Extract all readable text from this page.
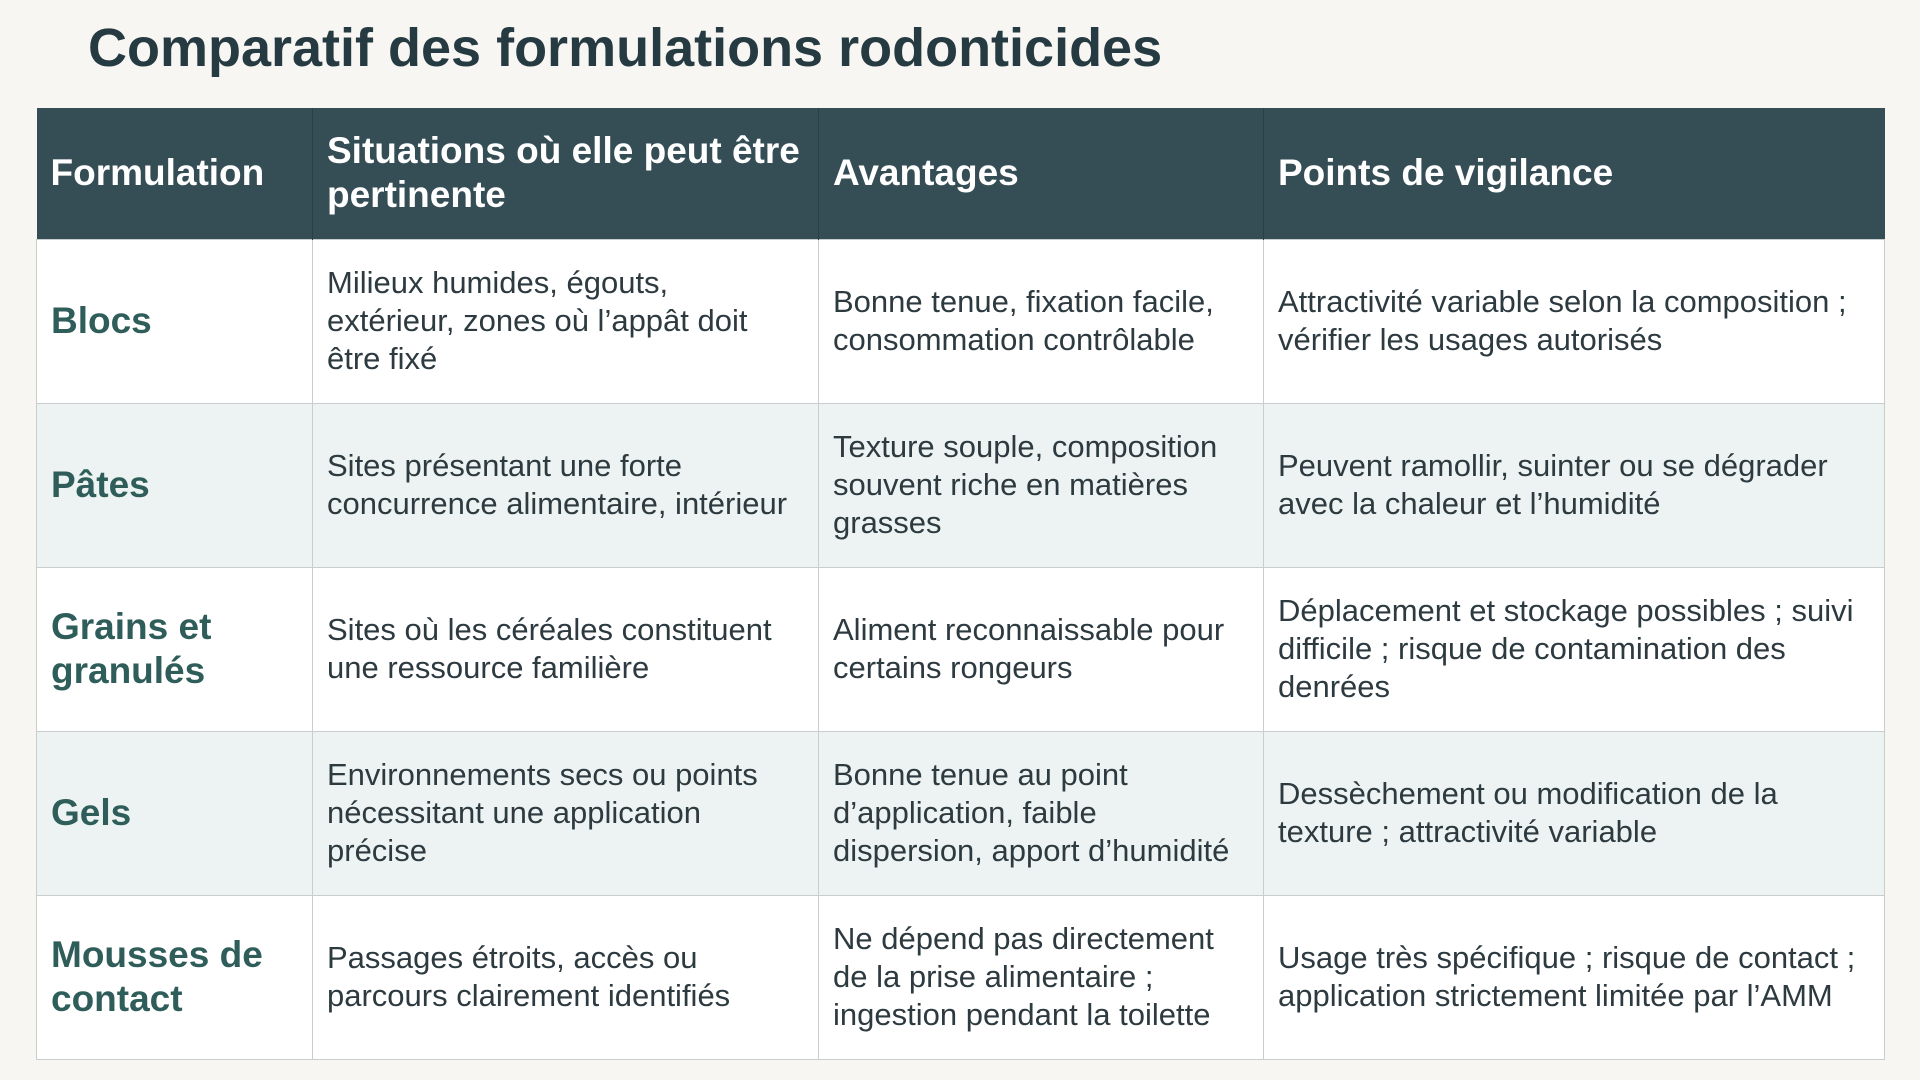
Comparatif des formulations rodonticides
Formulation	Situations où elle peut être pertinente	Avantages	Points de vigilance
Blocs	Milieux humides, égouts, extérieur, zones où l’appât doit être fixé	Bonne tenue, fixation facile, consommation contrôlable	Attractivité variable selon la composition ; vérifier les usages autorisés
Pâtes	Sites présentant une forte concurrence alimentaire, intérieur	Texture souple, composition souvent riche en matières grasses	Peuvent ramollir, suinter ou se dégrader avec la chaleur et l’humidité
Grains et granulés	Sites où les céréales constituent une ressource familière	Aliment reconnaissable pour certains rongeurs	Déplacement et stockage possibles ; suivi difficile ; risque de contamination des denrées
Gels	Environnements secs ou points nécessitant une application précise	Bonne tenue au point d’application, faible dispersion, apport d’humidité	Dessèchement ou modification de la texture ; attractivité variable
Mousses de contact	Passages étroits, accès ou parcours clairement identifiés	Ne dépend pas directement de la prise alimentaire ; ingestion pendant la toilette	Usage très spécifique ; risque de contact ; application strictement limitée par l’AMM
